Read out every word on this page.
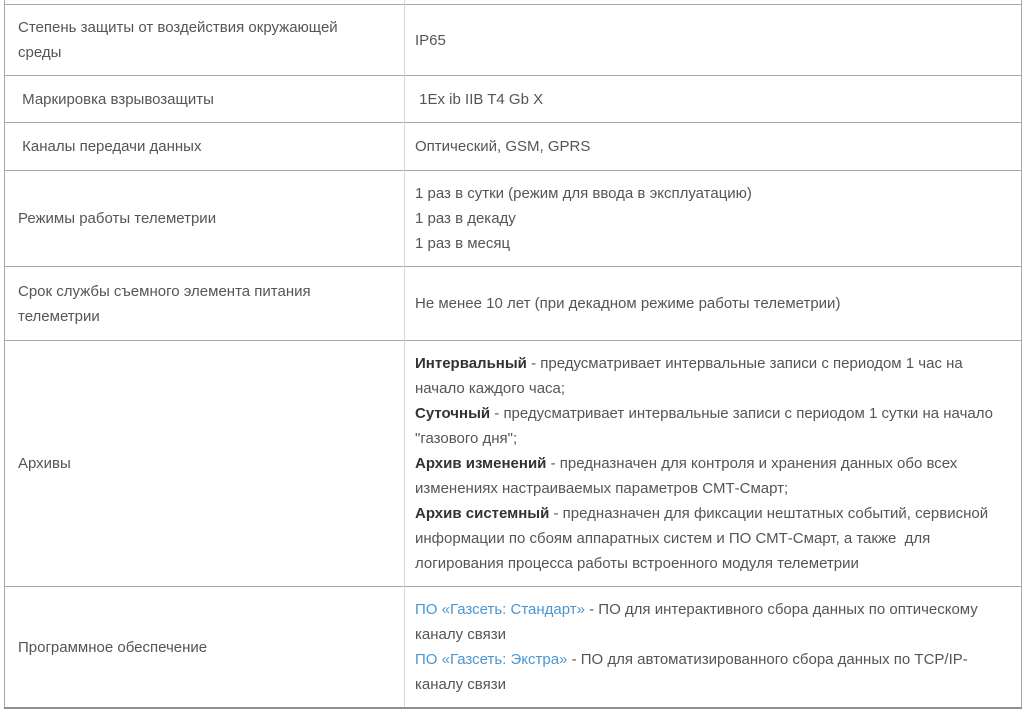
Степень защиты от воздействия окружающей среды	IP65
Маркировка взрывозащиты	1Ex ib IIB T4 Gb X
Каналы передачи данных	Оптический, GSM, GPRS
Режимы работы телеметрии	1 раз в сутки (режим для ввода в эксплуатацию)
1 раз в декаду
1 раз в месяц
Срок службы съемного элемента питания телеметрии	Не менее 10 лет (при декадном режиме работы телеметрии)
Архивы	Интервальный - предусматривает интервальные записи с периодом 1 час на начало каждого часа;
Суточный - предусматривает интервальные записи с периодом 1 сутки на начало "газового дня";
Архив изменений - предназначен для контроля и хранения данных обо всех изменениях настраиваемых параметров СМТ-Смарт;
Архив системный - предназначен для фиксации нештатных событий, сервисной информации по сбоям аппаратных систем и ПО СМТ-Смарт, а также  для логирования процесса работы встроенного модуля телеметрии
Программное обеспечение	ПО «Газсеть: Стандарт» - ПО для интерактивного сбора данных по оптическому каналу связи
ПО «Газсеть: Экстра» - ПО для автоматизированного сбора данных по TCP/IP-каналу связи
